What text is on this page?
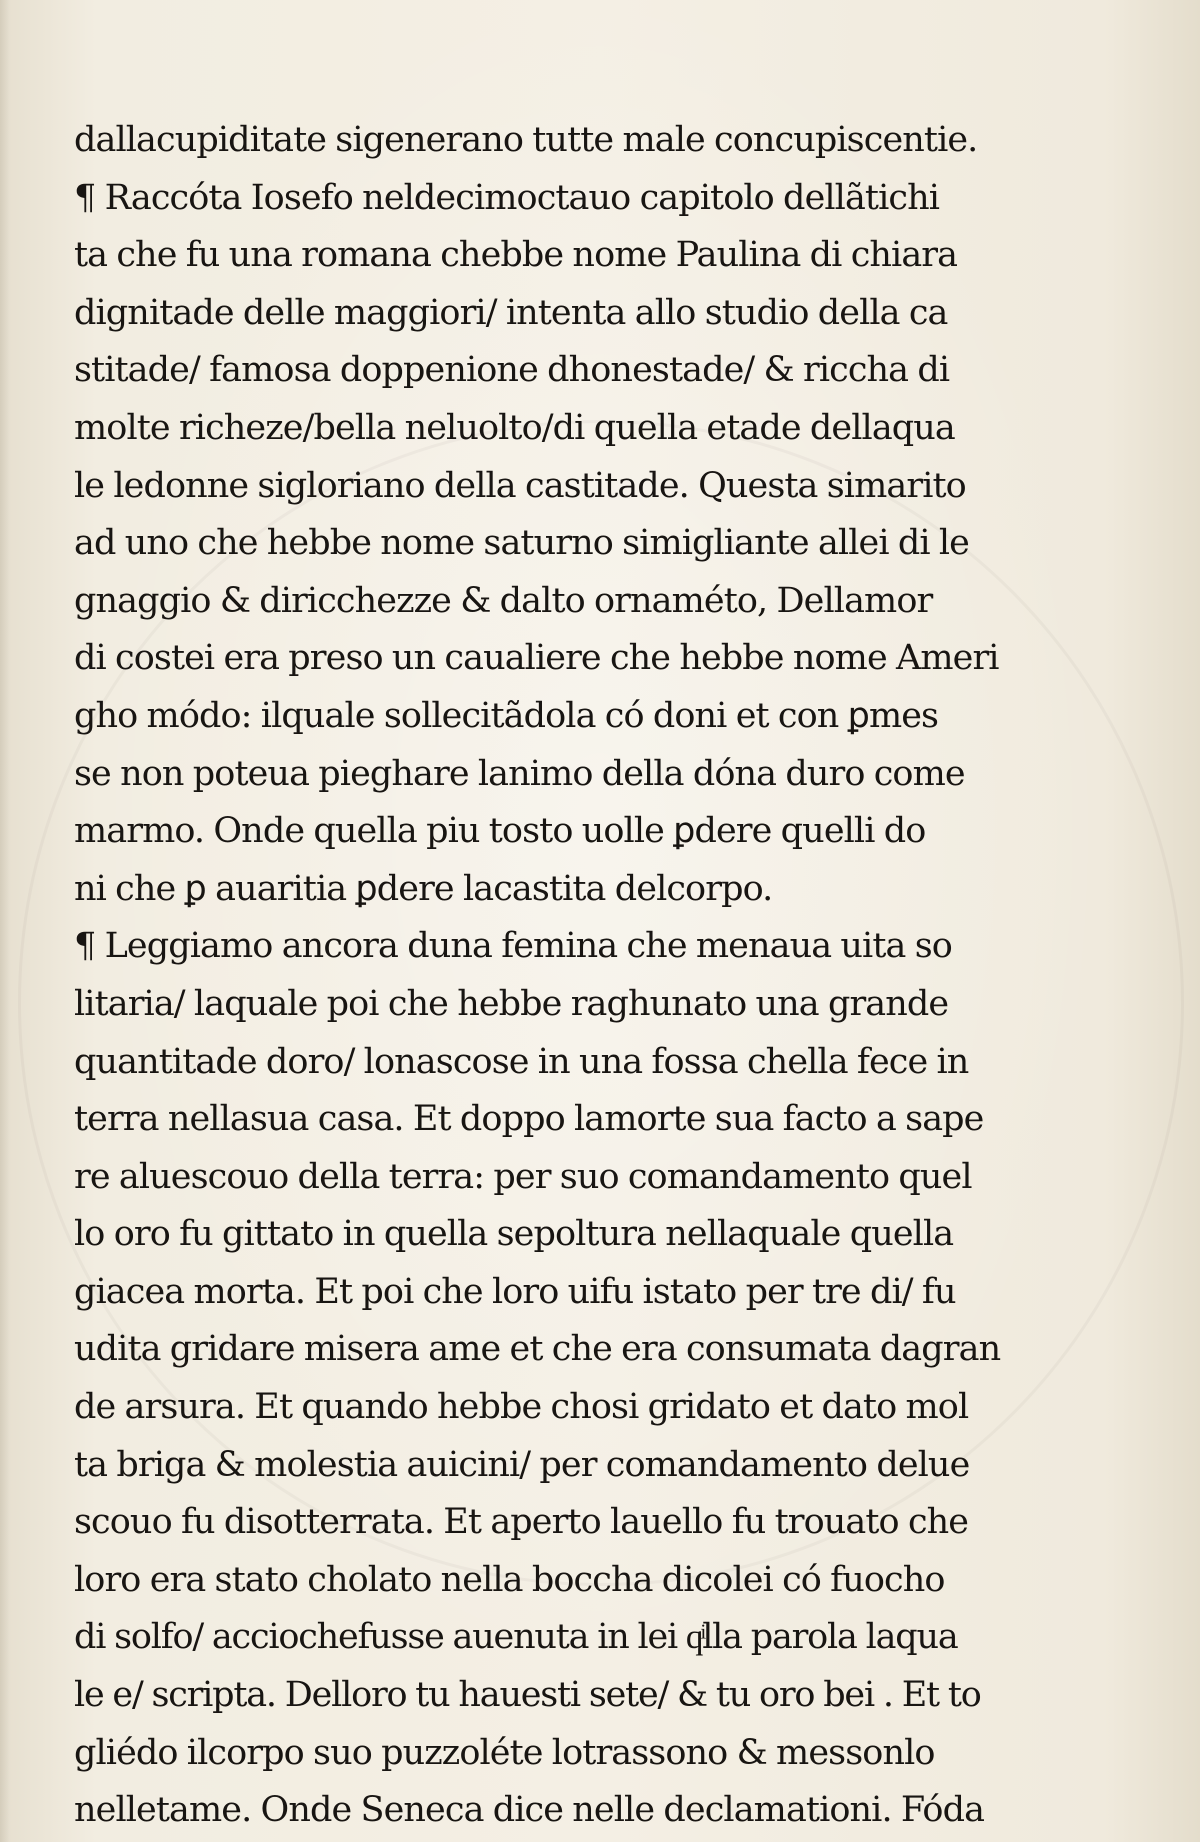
dallacupiditate sigenerano tutte male concupiscentie.
¶ Raccóta Iosefo neldecimoctauo capitolo dellãtichi
ta che fu una romana chebbe nome Paulina di chiara
dignitade delle maggiori/ intenta allo studio della ca
stitade/ famosa doppenione dhonestade/ & riccha di
molte richeze/bella neluolto/di quella etade dellaqua
le ledonne sigloriano della castitade. Questa simarito
ad uno che hebbe nome saturno simigliante allei di le
gnaggio & diricchezze & dalto ornaméto, Dellamor
di costei era preso un caualiere che hebbe nome Ameri
gho módo: ilquale sollecitãdola có doni et con ꝑmes
se non poteua pieghare lanimo della dóna duro come
marmo. Onde quella piu tosto uolle ꝑdere quelli do
ni che ꝑ auaritia ꝑdere lacastita delcorpo.
¶ Leggiamo ancora duna femina che menaua uita so
litaria/ laquale poi che hebbe raghunato una grande
quantitade doro/ lonascose in una fossa chella fece in
terra nellasua casa. Et doppo lamorte sua facto a sape
re aluescouo della terra: per suo comandamento quel
lo oro fu gittato in quella sepoltura nellaquale quella
giacea morta. Et poi che loro uifu istato per tre di/ fu
udita gridare misera ame et che era consumata dagran
de arsura. Et quando hebbe chosi gridato et dato mol
ta briga & molestia auicini/ per comandamento delue
scouo fu disotterrata. Et aperto lauello fu trouato che
loro era stato cholato nella boccha dicolei có fuocho
di solfo/ acciochefusse auenuta in lei qͥlla parola laqua
le e/ scripta. Delloro tu hauesti sete/ & tu oro bei . Et to
gliédo ilcorpo suo puzzoléte lotrassono & messonlo
nelletame. Onde Seneca dice nelle declamationi. Fóda
